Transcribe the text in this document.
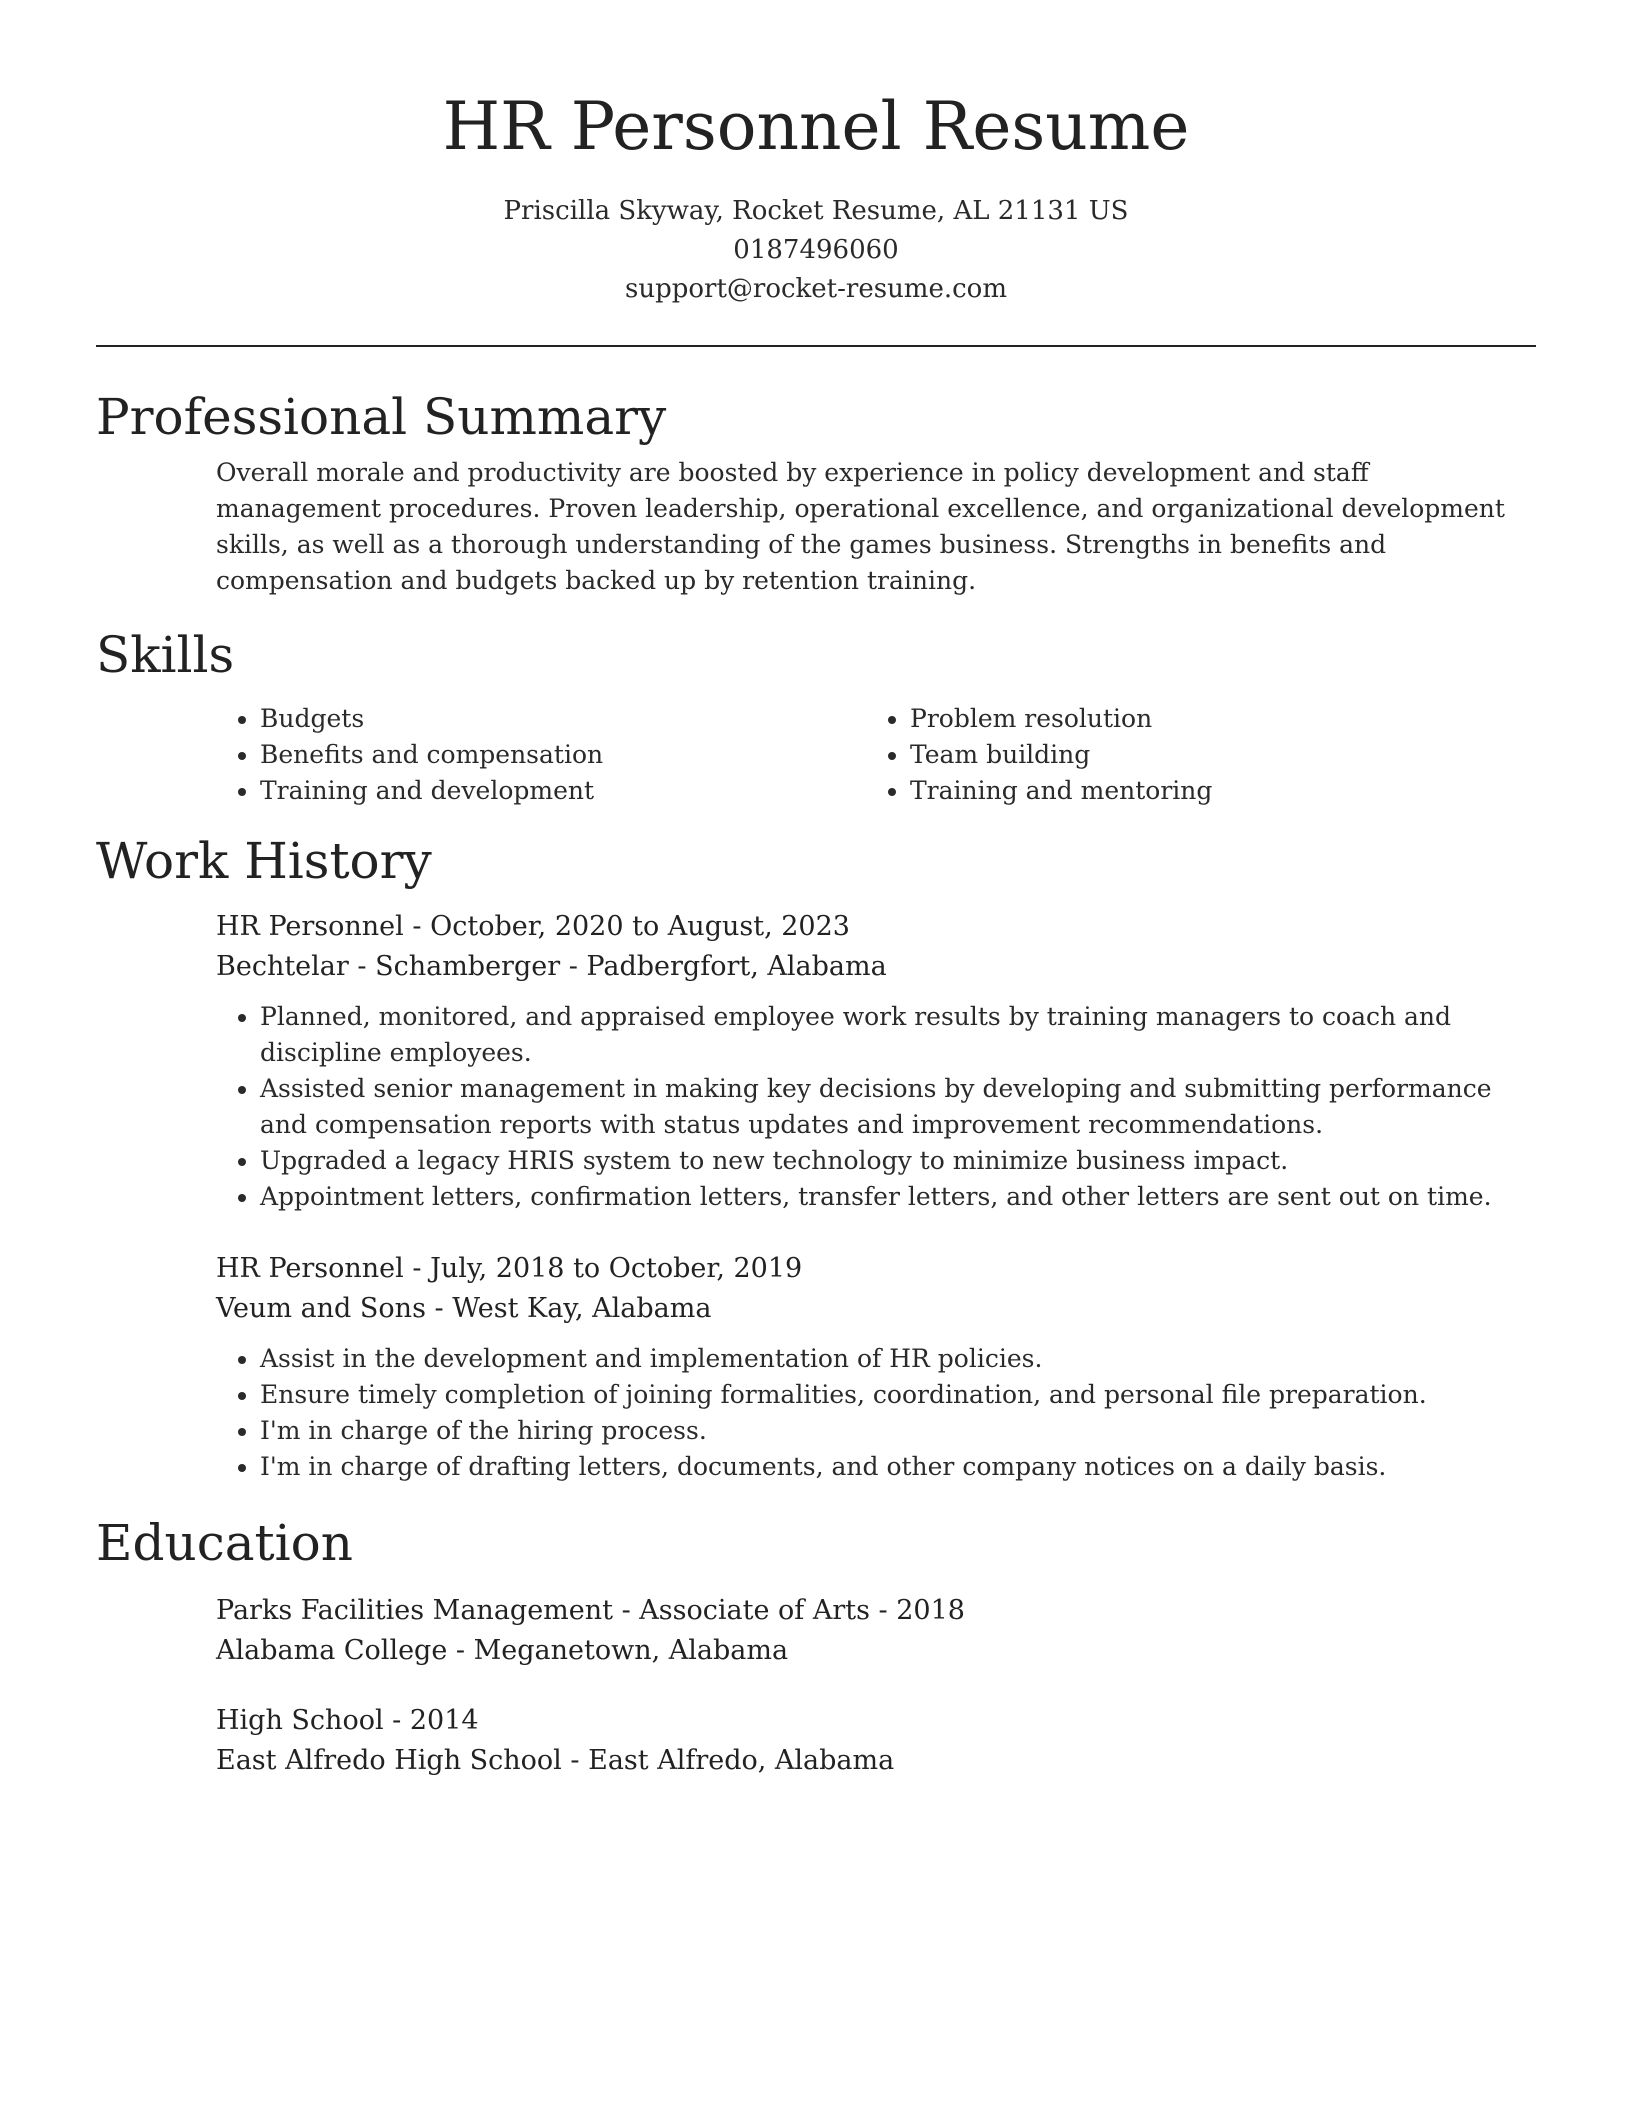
HR Personnel Resume
Priscilla Skyway, Rocket Resume, AL 21131 US
0187496060
support@rocket-resume.com
Professional Summary

Overall morale and productivity are boosted by experience in policy development and staff management procedures. Proven leadership, operational excellence, and organizational development skills, as well as a thorough understanding of the games business. Strengths in benefits and compensation and budgets backed up by retention training.

Skills
• Budgets
• Benefits and compensation
• Training and development
• Problem resolution
• Team building
• Training and mentoring
Work History
HR Personnel - October, 2020 to August, 2023
Bechtelar - Schamberger - Padbergfort, Alabama
• Planned, monitored, and appraised employee work results by training managers to coach and discipline employees.
• Assisted senior management in making key decisions by developing and submitting performance and compensation reports with status updates and improvement recommendations.
• Upgraded a legacy HRIS system to new technology to minimize business impact.
• Appointment letters, confirmation letters, transfer letters, and other letters are sent out on time.
HR Personnel - July, 2018 to October, 2019
Veum and Sons - West Kay, Alabama
• Assist in the development and implementation of HR policies.
• Ensure timely completion of joining formalities, coordination, and personal file preparation.
• I'm in charge of the hiring process.
• I'm in charge of drafting letters, documents, and other company notices on a daily basis.
Education
Parks Facilities Management - Associate of Arts - 2018
Alabama College - Meganetown, Alabama
High School - 2014
East Alfredo High School - East Alfredo, Alabama
